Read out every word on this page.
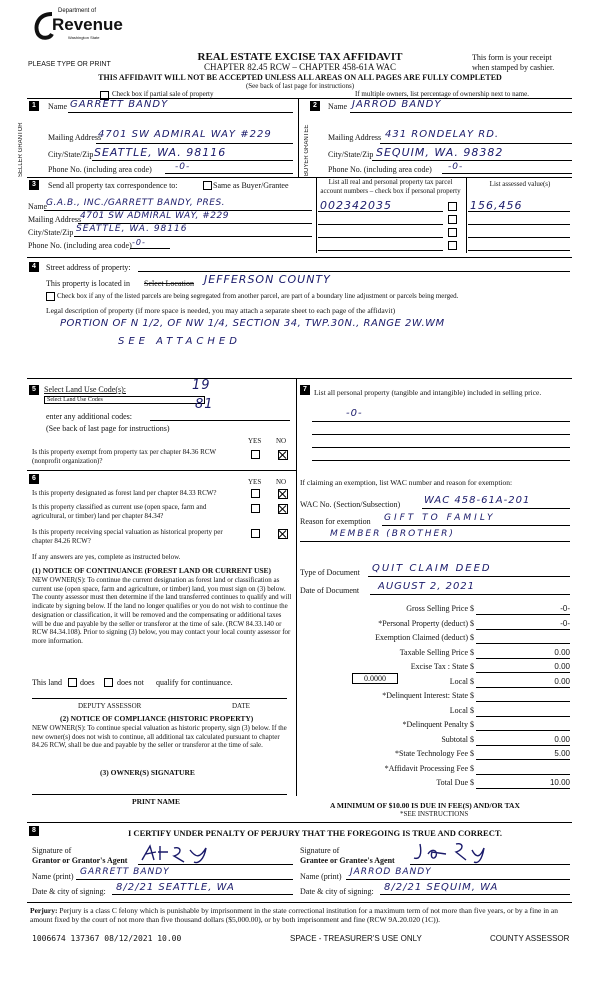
Department of
Revenue
Washington State
PLEASE TYPE OR PRINT
REAL ESTATE EXCISE TAX AFFIDAVIT
CHAPTER 82.45 RCW – CHAPTER 458-61A WAC
This form is your receipt
when stamped by cashier.
THIS AFFIDAVIT WILL NOT BE ACCEPTED UNLESS ALL AREAS ON ALL PAGES ARE FULLY COMPLETED
(See back of last page for instructions)
Check box if partial sale of property	If multiple owners, list percentage of ownership next to name.
1
SELLER GRANTOR
Name GARRETT BANDY
Mailing Address
4701 SW ADMIRAL WAY #229
City/State/Zip SEATTLE, WA. 98116
Phone No. (including area code)	-0-
2
BUYER GRANTEE
Name JARROD BANDY
Mailing Address 431 RONDELAY RD.
City/State/Zip SEQUIM, WA. 98382
Phone No. (including area code) -0-
3	Send all property tax correspondence to:	Same as Buyer/Grantee	List all real and personal property tax parcel account numbers – check box if personal property
List assessed value(s)
Name
G.A.B., INC./GARRETT BANDY, PRES.
Mailing Address
4701 SW ADMIRAL WAY, #229
City/State/Zip SEATTLE, WA. 98116
Phone No. (including area code) -0-
002342035	156,456
4	Street address of property:
This property is located in Select Location JEFFERSON COUNTY
Check box if any of the listed parcels are being segregated from another parcel, are part of a boundary line adjustment or parcels being merged.
Legal description of property (if more space is needed, you may attach a separate sheet to each page of the affidavit)
PORTION OF N 1/2, OF NW 1/4, SECTION 34, TWP.30N., RANGE 2W.WM
SEE ATTACHED
5	Select Land Use Code(s):	19
Select Land Use Codes
enter any additional codes:
81
(See back of last page for instructions)
YES NO
Is this property exempt from property tax per chapter 84.36 RCW (nonprofit organization)?
6	YES NO
Is this property designated as forest land per chapter 84.33 RCW?
Is this property classified as current use (open space, farm and agricultural, or timber) land per chapter 84.34?
Is this property receiving special valuation as historical property per chapter 84.26 RCW?
If any answers are yes, complete as instructed below.
(1) NOTICE OF CONTINUANCE (FOREST LAND OR CURRENT USE)
NEW OWNER(S): To continue the current designation as forest land or classification as current use (open space, farm and agriculture, or timber) land, you must sign on (3) below. The county assessor must then determine if the land transferred continues to qualify and will indicate by signing below. If the land no longer qualifies or you do not wish to continue the designation or classification, it will be removed and the compensating or additional taxes will be due and payable by the seller or transferor at the time of sale. (RCW 84.33.140 or RCW 84.34.108). Prior to signing (3) below, you may contact your local county assessor for more information.
This land does	does not qualify for continuance.
DEPUTY ASSESSOR	DATE
(2) NOTICE OF COMPLIANCE (HISTORIC PROPERTY)
NEW OWNER(S): To continue special valuation as historic property, sign (3) below. If the new owner(s) does not wish to continue, all additional tax calculated pursuant to chapter 84.26 RCW, shall be due and payable by the seller or transferor at the time of sale.
(3) OWNER(S) SIGNATURE
PRINT NAME
7 List all personal property (tangible and intangible) included in selling price.
-0-
If claiming an exemption, list WAC number and reason for exemption:
WAC No. (Section/Subsection) WAC 458-61A-201
Reason for exemption GIFT TO FAMILY
MEMBER (BROTHER)
Type of Document QUIT CLAIM DEED
Date of Document AUGUST 2, 2021
Gross Selling Price $	-0-
*Personal Property (deduct) $	-0-
Exemption Claimed (deduct) $
Taxable Selling Price $	0.00
Excise Tax : State $	0.00
Local $	0.00
*Delinquent Interest: State $
Local $
*Delinquent Penalty $
Subtotal $	0.00
*State Technology Fee $	5.00
*Affidavit Processing Fee $
Total Due $	10.00
0.0000
A MINIMUM OF $10.00 IS DUE IN FEE(S) AND/OR TAX
*SEE INSTRUCTIONS
8	I CERTIFY UNDER PENALTY OF PERJURY THAT THE FOREGOING IS TRUE AND CORRECT.
Signature of
Grantor or Grantor's Agent
Name (print) GARRETT BANDY
Date & city of signing: 8/2/21 SEATTLE, WA
Signature of
Grantee or Grantee's Agent
Name (print) JARROD BANDY
Date & city of signing: 8/2/21 SEQUIM, WA
Perjury: Perjury is a class C felony which is punishable by imprisonment in the state correctional institution for a maximum term of not more than five years, or by a fine in an amount fixed by the court of not more than five thousand dollars ($5,000.00), or by both imprisonment and fine (RCW 9A.20.020 (1C)).
1006674 137367 08/12/2021 10.00	SPACE - TREASURER'S USE ONLY	COUNTY ASSESSOR
